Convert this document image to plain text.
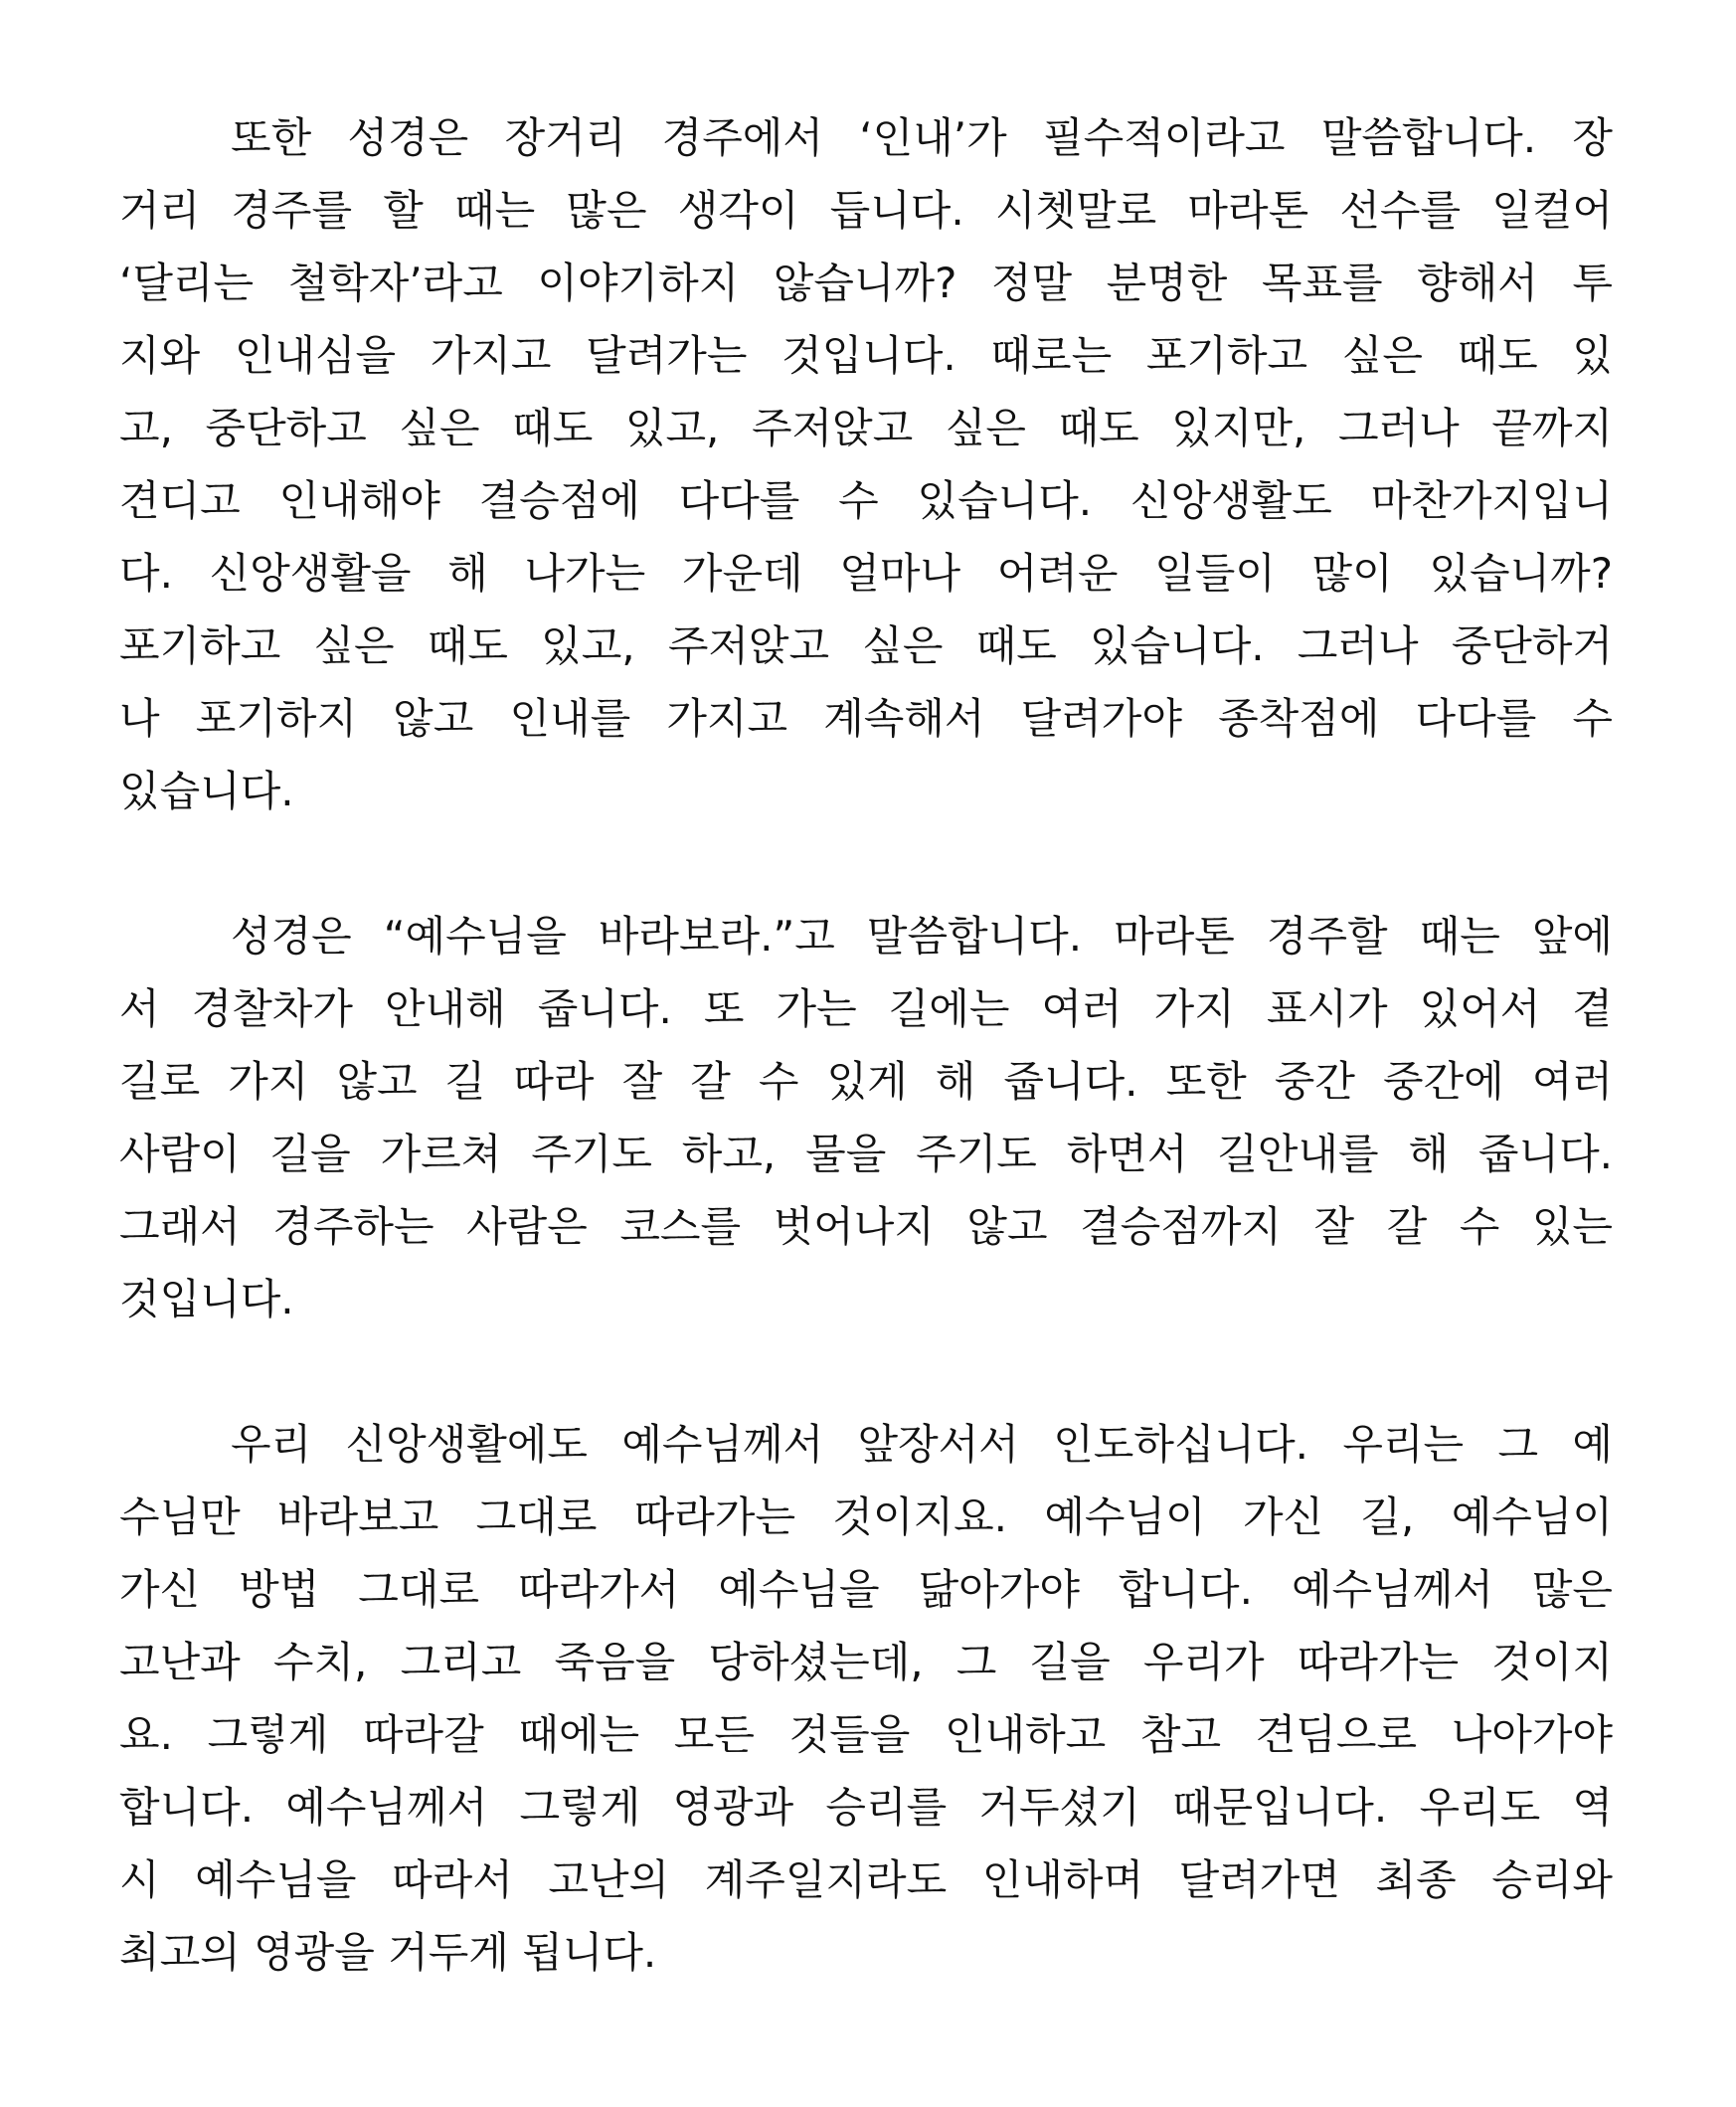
또한 성경은 장거리 경주에서 ‘인내’가 필수적이라고 말씀합니다. 장
거리 경주를 할 때는 많은 생각이 듭니다. 시쳇말로 마라톤 선수를 일컬어
‘달리는 철학자’라고 이야기하지 않습니까? 정말 분명한 목표를 향해서 투
지와 인내심을 가지고 달려가는 것입니다. 때로는 포기하고 싶은 때도 있
고, 중단하고 싶은 때도 있고, 주저앉고 싶은 때도 있지만, 그러나 끝까지
견디고 인내해야 결승점에 다다를 수 있습니다. 신앙생활도 마찬가지입니
다. 신앙생활을 해 나가는 가운데 얼마나 어려운 일들이 많이 있습니까?
포기하고 싶은 때도 있고, 주저앉고 싶은 때도 있습니다. 그러나 중단하거
나 포기하지 않고 인내를 가지고 계속해서 달려가야 종착점에 다다를 수
있습니다.
성경은 “예수님을 바라보라.”고 말씀합니다. 마라톤 경주할 때는 앞에
서 경찰차가 안내해 줍니다. 또 가는 길에는 여러 가지 표시가 있어서 곁
길로 가지 않고 길 따라 잘 갈 수 있게 해 줍니다. 또한 중간 중간에 여러
사람이 길을 가르쳐 주기도 하고, 물을 주기도 하면서 길안내를 해 줍니다.
그래서 경주하는 사람은 코스를 벗어나지 않고 결승점까지 잘 갈 수 있는
것입니다.
우리 신앙생활에도 예수님께서 앞장서서 인도하십니다. 우리는 그 예
수님만 바라보고 그대로 따라가는 것이지요. 예수님이 가신 길, 예수님이
가신 방법 그대로 따라가서 예수님을 닮아가야 합니다. 예수님께서 많은
고난과 수치, 그리고 죽음을 당하셨는데, 그 길을 우리가 따라가는 것이지
요. 그렇게 따라갈 때에는 모든 것들을 인내하고 참고 견딤으로 나아가야
합니다. 예수님께서 그렇게 영광과 승리를 거두셨기 때문입니다. 우리도 역
시 예수님을 따라서 고난의 계주일지라도 인내하며 달려가면 최종 승리와
최고의 영광을 거두게 됩니다.
